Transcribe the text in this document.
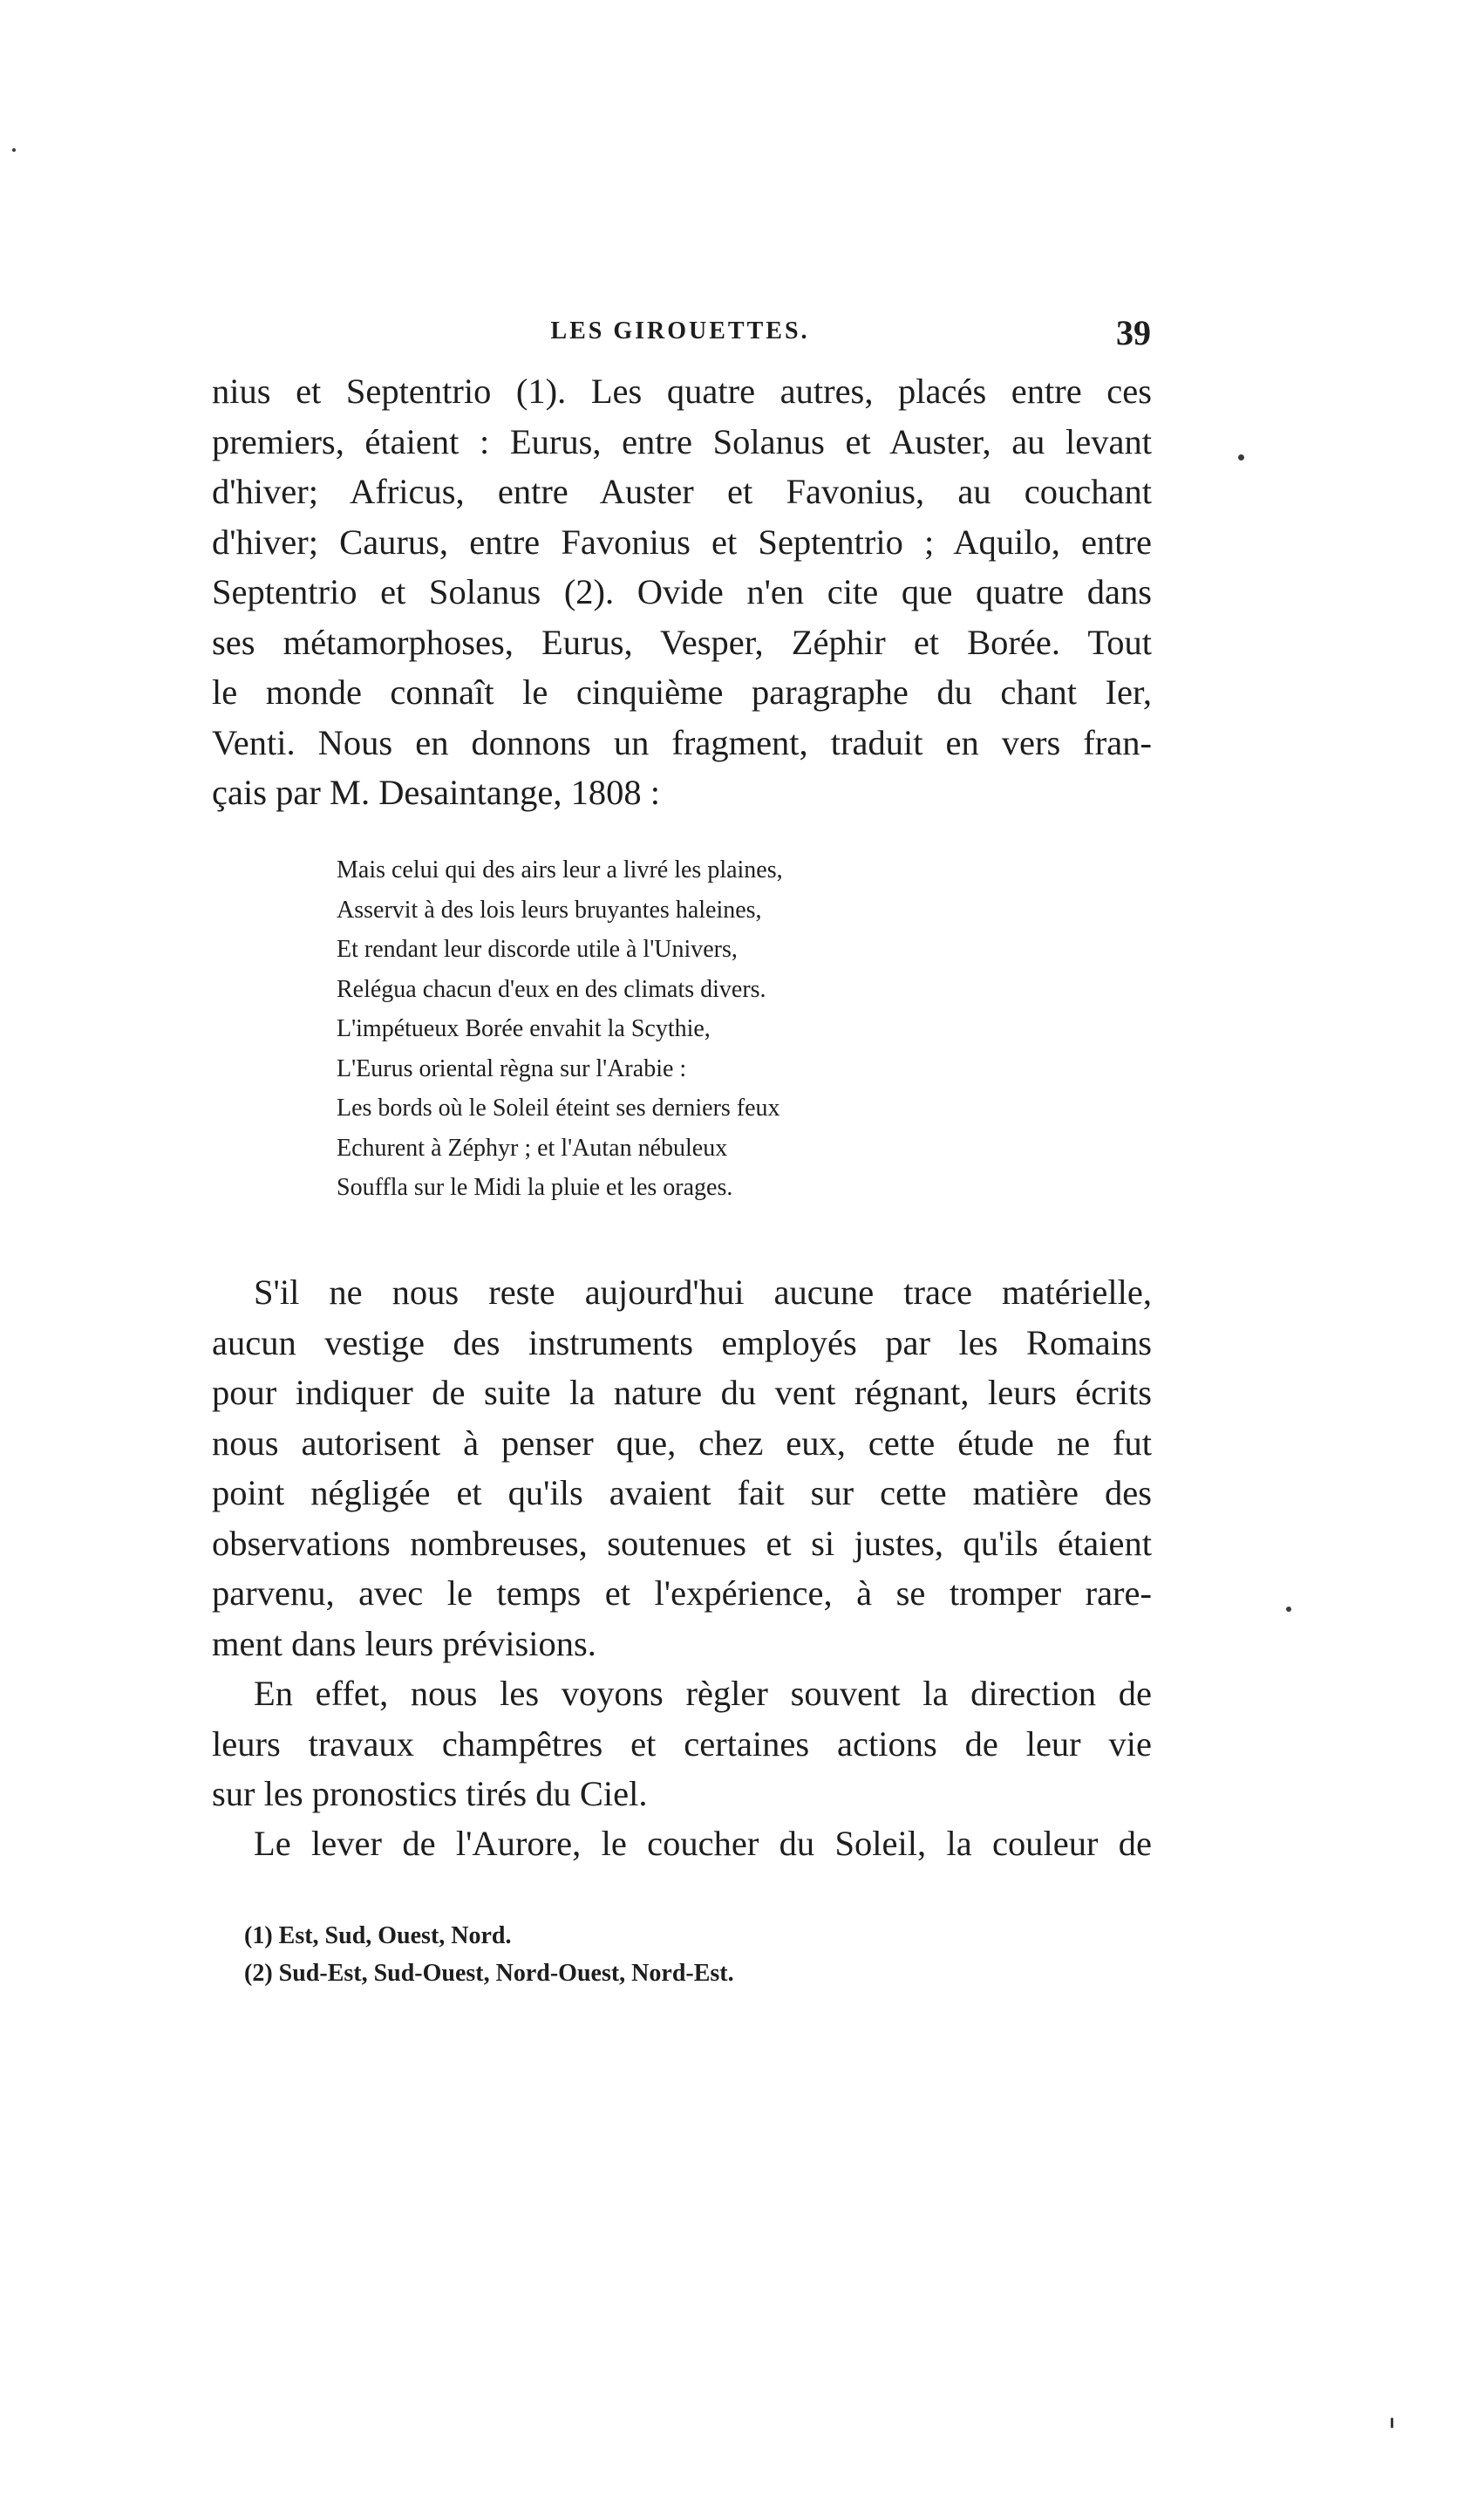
LES GIROUETTES.	39
nius et Septentrio (1). Les quatre autres, placés entre ces
premiers, étaient : Eurus, entre Solanus et Auster, au levant
d'hiver; Africus, entre Auster et Favonius, au couchant
d'hiver; Caurus, entre Favonius et Septentrio ; Aquilo, entre
Septentrio et Solanus (2). Ovide n'en cite que quatre dans
ses métamorphoses, Eurus, Vesper, Zéphir et Borée. Tout
le monde connaît le cinquième paragraphe du chant Ier,
Venti. Nous en donnons un fragment, traduit en vers fran-
çais par M. Desaintange, 1808 :
Mais celui qui des airs leur a livré les plaines,
Asservit à des lois leurs bruyantes haleines,
Et rendant leur discorde utile à l'Univers,
Relégua chacun d'eux en des climats divers.
L'impétueux Borée envahit la Scythie,
L'Eurus oriental règna sur l'Arabie :
Les bords où le Soleil éteint ses derniers feux
Echurent à Zéphyr ; et l'Autan nébuleux
Souffla sur le Midi la pluie et les orages.
S'il ne nous reste aujourd'hui aucune trace matérielle,
aucun vestige des instruments employés par les Romains
pour indiquer de suite la nature du vent régnant, leurs écrits
nous autorisent à penser que, chez eux, cette étude ne fut
point négligée et qu'ils avaient fait sur cette matière des
observations nombreuses, soutenues et si justes, qu'ils étaient
parvenu, avec le temps et l'expérience, à se tromper rare-
ment dans leurs prévisions.
En effet, nous les voyons règler souvent la direction de
leurs travaux champêtres et certaines actions de leur vie
sur les pronostics tirés du Ciel.
Le lever de l'Aurore, le coucher du Soleil, la couleur de
(1) Est, Sud, Ouest, Nord.
(2) Sud-Est, Sud-Ouest, Nord-Ouest, Nord-Est.
